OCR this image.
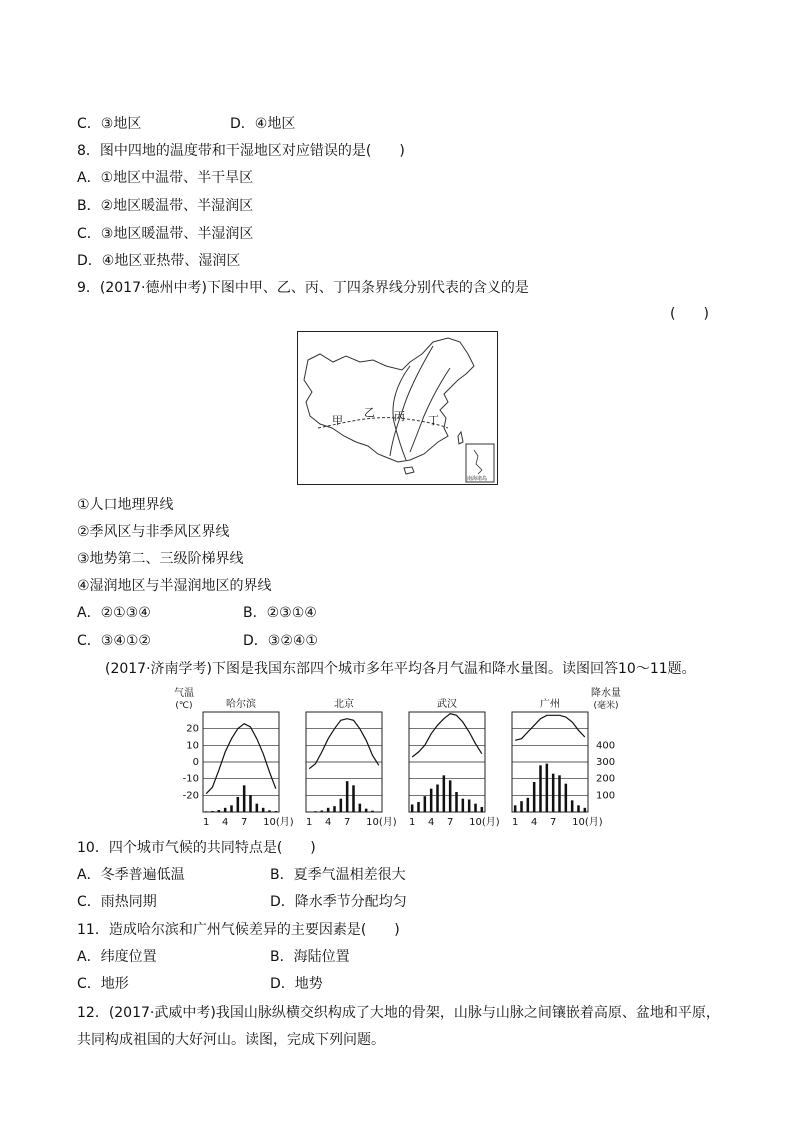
C．③地区	D．④地区
8．图中四地的温度带和干湿地区对应错误的是(　　)
A．①地区中温带、半干旱区
B．②地区暖温带、半湿润区
C．③地区暖温带、半湿润区
D．④地区亚热带、湿润区
9．(2017·德州中考)下图中甲、乙、丙、丁四条界线分别代表的含义的是
(　　)
甲
乙 丙 丁
南海诸岛
①人口地理界线
②季风区与非季风区界线
③地势第二、三级阶梯界线
④湿润地区与半湿润地区的界线
A．②①③④	B．②③①④
C．③④①②	D．③②④①
(2017·济南学考)下图是我国东部四个城市多年平均各月气温和降水量图。读图回答10～11题。
气温
(℃)
20
10
0
-10
-20
降水量
(毫米)
400
300
200
100
哈尔滨
1 4 7 10(月)
北京
1 4 7 10(月)
武汉
1 4 7 10(月)
广州
1 4 7 10(月)
10．四个城市气候的共同特点是(　　)
A．冬季普遍低温	B．夏季气温相差很大
C．雨热同期	D．降水季节分配均匀
11．造成哈尔滨和广州气候差异的主要因素是(　　)
A．纬度位置	B．海陆位置
C．地形	D．地势
12．(2017·武威中考)我国山脉纵横交织构成了大地的骨架，山脉与山脉之间镶嵌着高原、盆地和平原，
共同构成祖国的大好河山。读图，完成下列问题。
